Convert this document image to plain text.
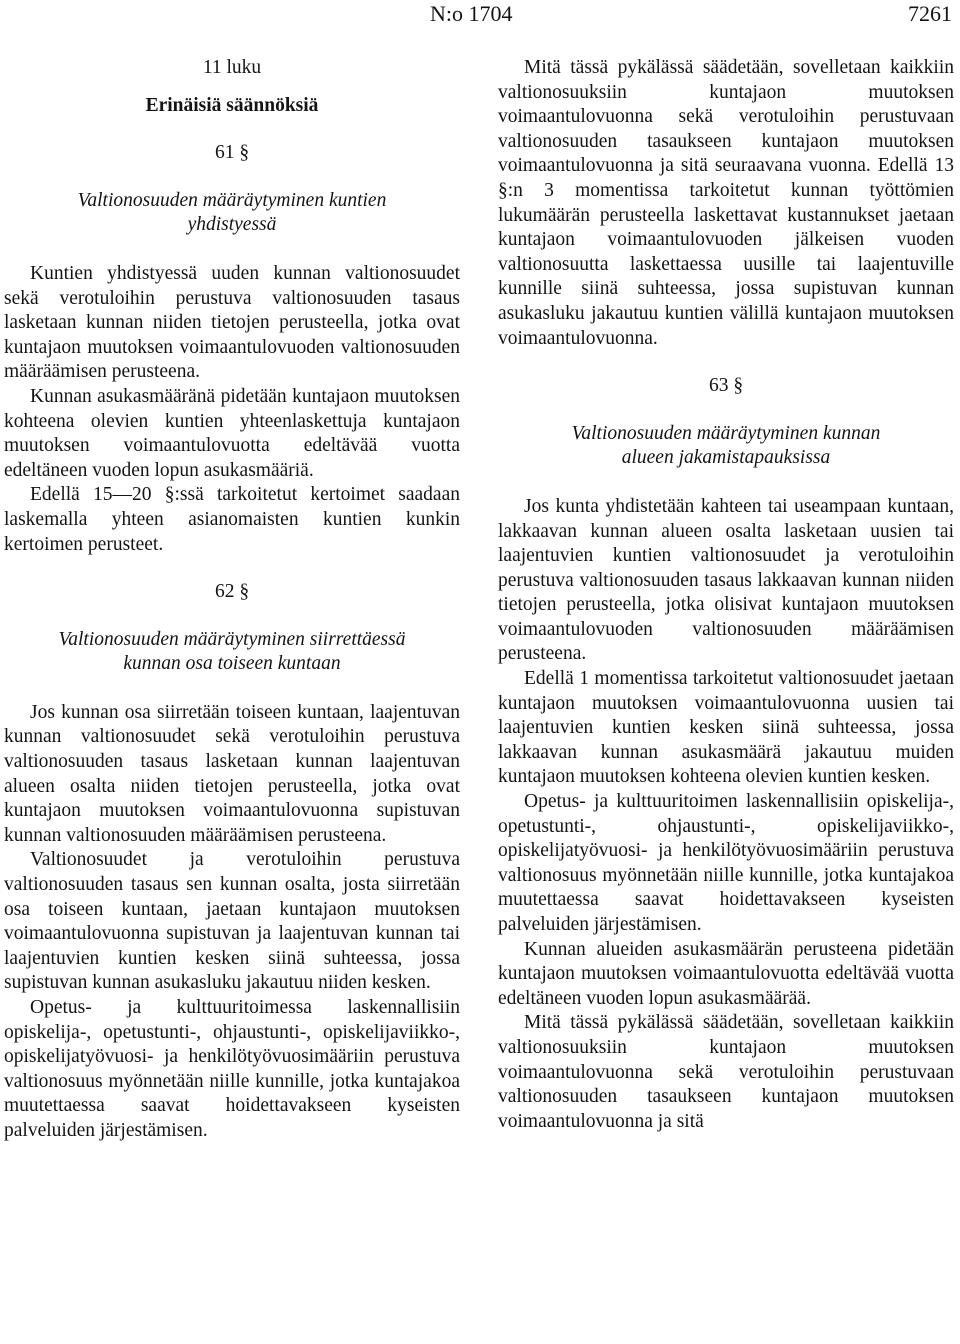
N:o 1704	7261
11 luku
Erinäisiä säännöksiä
61 §
Valtionosuuden määräytyminen kuntien
yhdistyessä

Kuntien yhdistyessä uuden kunnan valtionosuudet sekä verotuloihin perustuva valtionosuuden tasaus lasketaan kunnan niiden tietojen perusteella, jotka ovat kuntajaon muutoksen voimaantulovuoden valtionosuuden määräämisen perusteena.

Kunnan asukasmääränä pidetään kuntajaon muutoksen kohteena olevien kuntien yhteenlaskettuja kuntajaon muutoksen voimaantulovuotta edeltävää vuotta edeltäneen vuoden lopun asukasmääriä.

Edellä 15—20 §:ssä tarkoitetut kertoimet saadaan laskemalla yhteen asianomaisten kuntien kunkin kertoimen perusteet.

62 §
Valtionosuuden määräytyminen siirrettäessä
kunnan osa toiseen kuntaan

Jos kunnan osa siirretään toiseen kuntaan, laajentuvan kunnan valtionosuudet sekä verotuloihin perustuva valtionosuuden tasaus lasketaan kunnan laajentuvan alueen osalta niiden tietojen perusteella, jotka ovat kuntajaon muutoksen voimaantulovuonna supistuvan kunnan valtionosuuden määräämisen perusteena.

Valtionosuudet ja verotuloihin perustuva valtionosuuden tasaus sen kunnan osalta, josta siirretään osa toiseen kuntaan, jaetaan kuntajaon muutoksen voimaantulovuonna supistuvan ja laajentuvan kunnan tai laajentuvien kuntien kesken siinä suhteessa, jossa supistuvan kunnan asukasluku jakautuu niiden kesken.

Opetus- ja kulttuuritoimessa laskennallisiin opiskelija-, opetustunti-, ohjaustunti-, opiskelijaviikko-, opiskelijatyövuosi- ja henkilötyövuosimääriin perustuva valtionosuus myönnetään niille kunnille, jotka kuntajakoa muutettaessa saavat hoidettavakseen kyseisten palveluiden järjestämisen.

Mitä tässä pykälässä säädetään, sovelletaan kaikkiin valtionosuuksiin kuntajaon muutoksen voimaantulovuonna sekä verotuloihin perustuvaan valtionosuuden tasaukseen kuntajaon muutoksen voimaantulovuonna ja sitä seuraavana vuonna. Edellä 13 §:n 3 momentissa tarkoitetut kunnan työttömien lukumäärän perusteella laskettavat kustannukset jaetaan kuntajaon voimaantulovuoden jälkeisen vuoden valtionosuutta laskettaessa uusille tai laajentuville kunnille siinä suhteessa, jossa supistuvan kunnan asukasluku jakautuu kuntien välillä kuntajaon muutoksen voimaantulovuonna.

63 §
Valtionosuuden määräytyminen kunnan
alueen jakamistapauksissa

Jos kunta yhdistetään kahteen tai useampaan kuntaan, lakkaavan kunnan alueen osalta lasketaan uusien tai laajentuvien kuntien valtionosuudet ja verotuloihin perustuva valtionosuuden tasaus lakkaavan kunnan niiden tietojen perusteella, jotka olisivat kuntajaon muutoksen voimaantulovuoden valtionosuuden määräämisen perusteena.

Edellä 1 momentissa tarkoitetut valtionosuudet jaetaan kuntajaon muutoksen voimaantulovuonna uusien tai laajentuvien kuntien kesken siinä suhteessa, jossa lakkaavan kunnan asukasmäärä jakautuu muiden kuntajaon muutoksen kohteena olevien kuntien kesken.

Opetus- ja kulttuuritoimen laskennallisiin opiskelija-, opetustunti-, ohjaustunti-, opiskelijaviikko-, opiskelijatyövuosi- ja henkilötyövuosimääriin perustuva valtionosuus myönnetään niille kunnille, jotka kuntajakoa muutettaessa saavat hoidettavakseen kyseisten palveluiden järjestämisen.

Kunnan alueiden asukasmäärän perusteena pidetään kuntajaon muutoksen voimaantulovuotta edeltävää vuotta edeltäneen vuoden lopun asukasmäärää.

Mitä tässä pykälässä säädetään, sovelletaan kaikkiin valtionosuuksiin kuntajaon muutoksen voimaantulovuonna sekä verotuloihin perustuvaan valtionosuuden tasaukseen kuntajaon muutoksen voimaantulovuonna ja sitä
